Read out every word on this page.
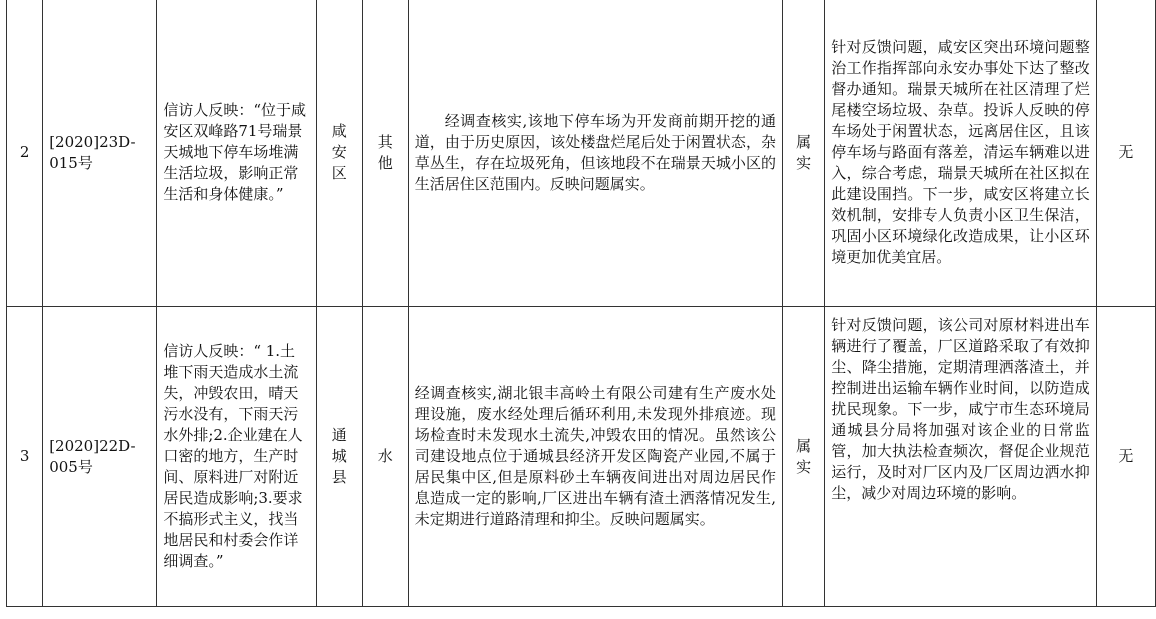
2	[2020]23D-015号	信访人反映：“位于咸安区双峰路71号瑞景天城地下停车场堆满生活垃圾，影响正常生活和身体健康。”	咸安区	其他	经调查核实,该地下停车场为开发商前期开挖的通道，由于历史原因，该处楼盘烂尾后处于闲置状态，杂草丛生，存在垃圾死角，但该地段不在瑞景天城小区的生活居住区范围内。反映问题属实。	属实	针对反馈问题，咸安区突出环境问题整治工作指挥部向永安办事处下达了整改督办通知。瑞景天城所在社区清理了烂尾楼空场垃圾、杂草。投诉人反映的停车场处于闲置状态，远离居住区，且该停车场与路面有落差，清运车辆难以进入，综合考虑，瑞景天城所在社区拟在此建设围挡。下一步，咸安区将建立长效机制，安排专人负责小区卫生保洁，巩固小区环境绿化改造成果，让小区环境更加优美宜居。	无
3	[2020]22D-005号	信访人反映：“ 1.土堆下雨天造成水土流失，冲毁农田，晴天污水没有，下雨天污水外排;2.企业建在人口密的地方，生产时间、原料进厂对附近居民造成影响;3.要求不搞形式主义，找当地居民和村委会作详细调查。”	通城县	水	经调查核实,湖北银丰高岭土有限公司建有生产废水处理设施，废水经处理后循环利用,未发现外排痕迹。现场检查时未发现水土流失,冲毁农田的情况。虽然该公司建设地点位于通城县经济开发区陶瓷产业园,不属于居民集中区,但是原料砂土车辆夜间进出对周边居民作息造成一定的影响,厂区进出车辆有渣土洒落情况发生,未定期进行道路清理和抑尘。反映问题属实。	属实	针对反馈问题，该公司对原材料进出车辆进行了覆盖，厂区道路采取了有效抑尘、降尘措施，定期清理洒落渣土，并控制进出运输车辆作业时间，以防造成扰民现象。下一步，咸宁市生态环境局通城县分局将加强对该企业的日常监管，加大执法检查频次，督促企业规范运行，及时对厂区内及厂区周边洒水抑尘，减少对周边环境的影响。	无
